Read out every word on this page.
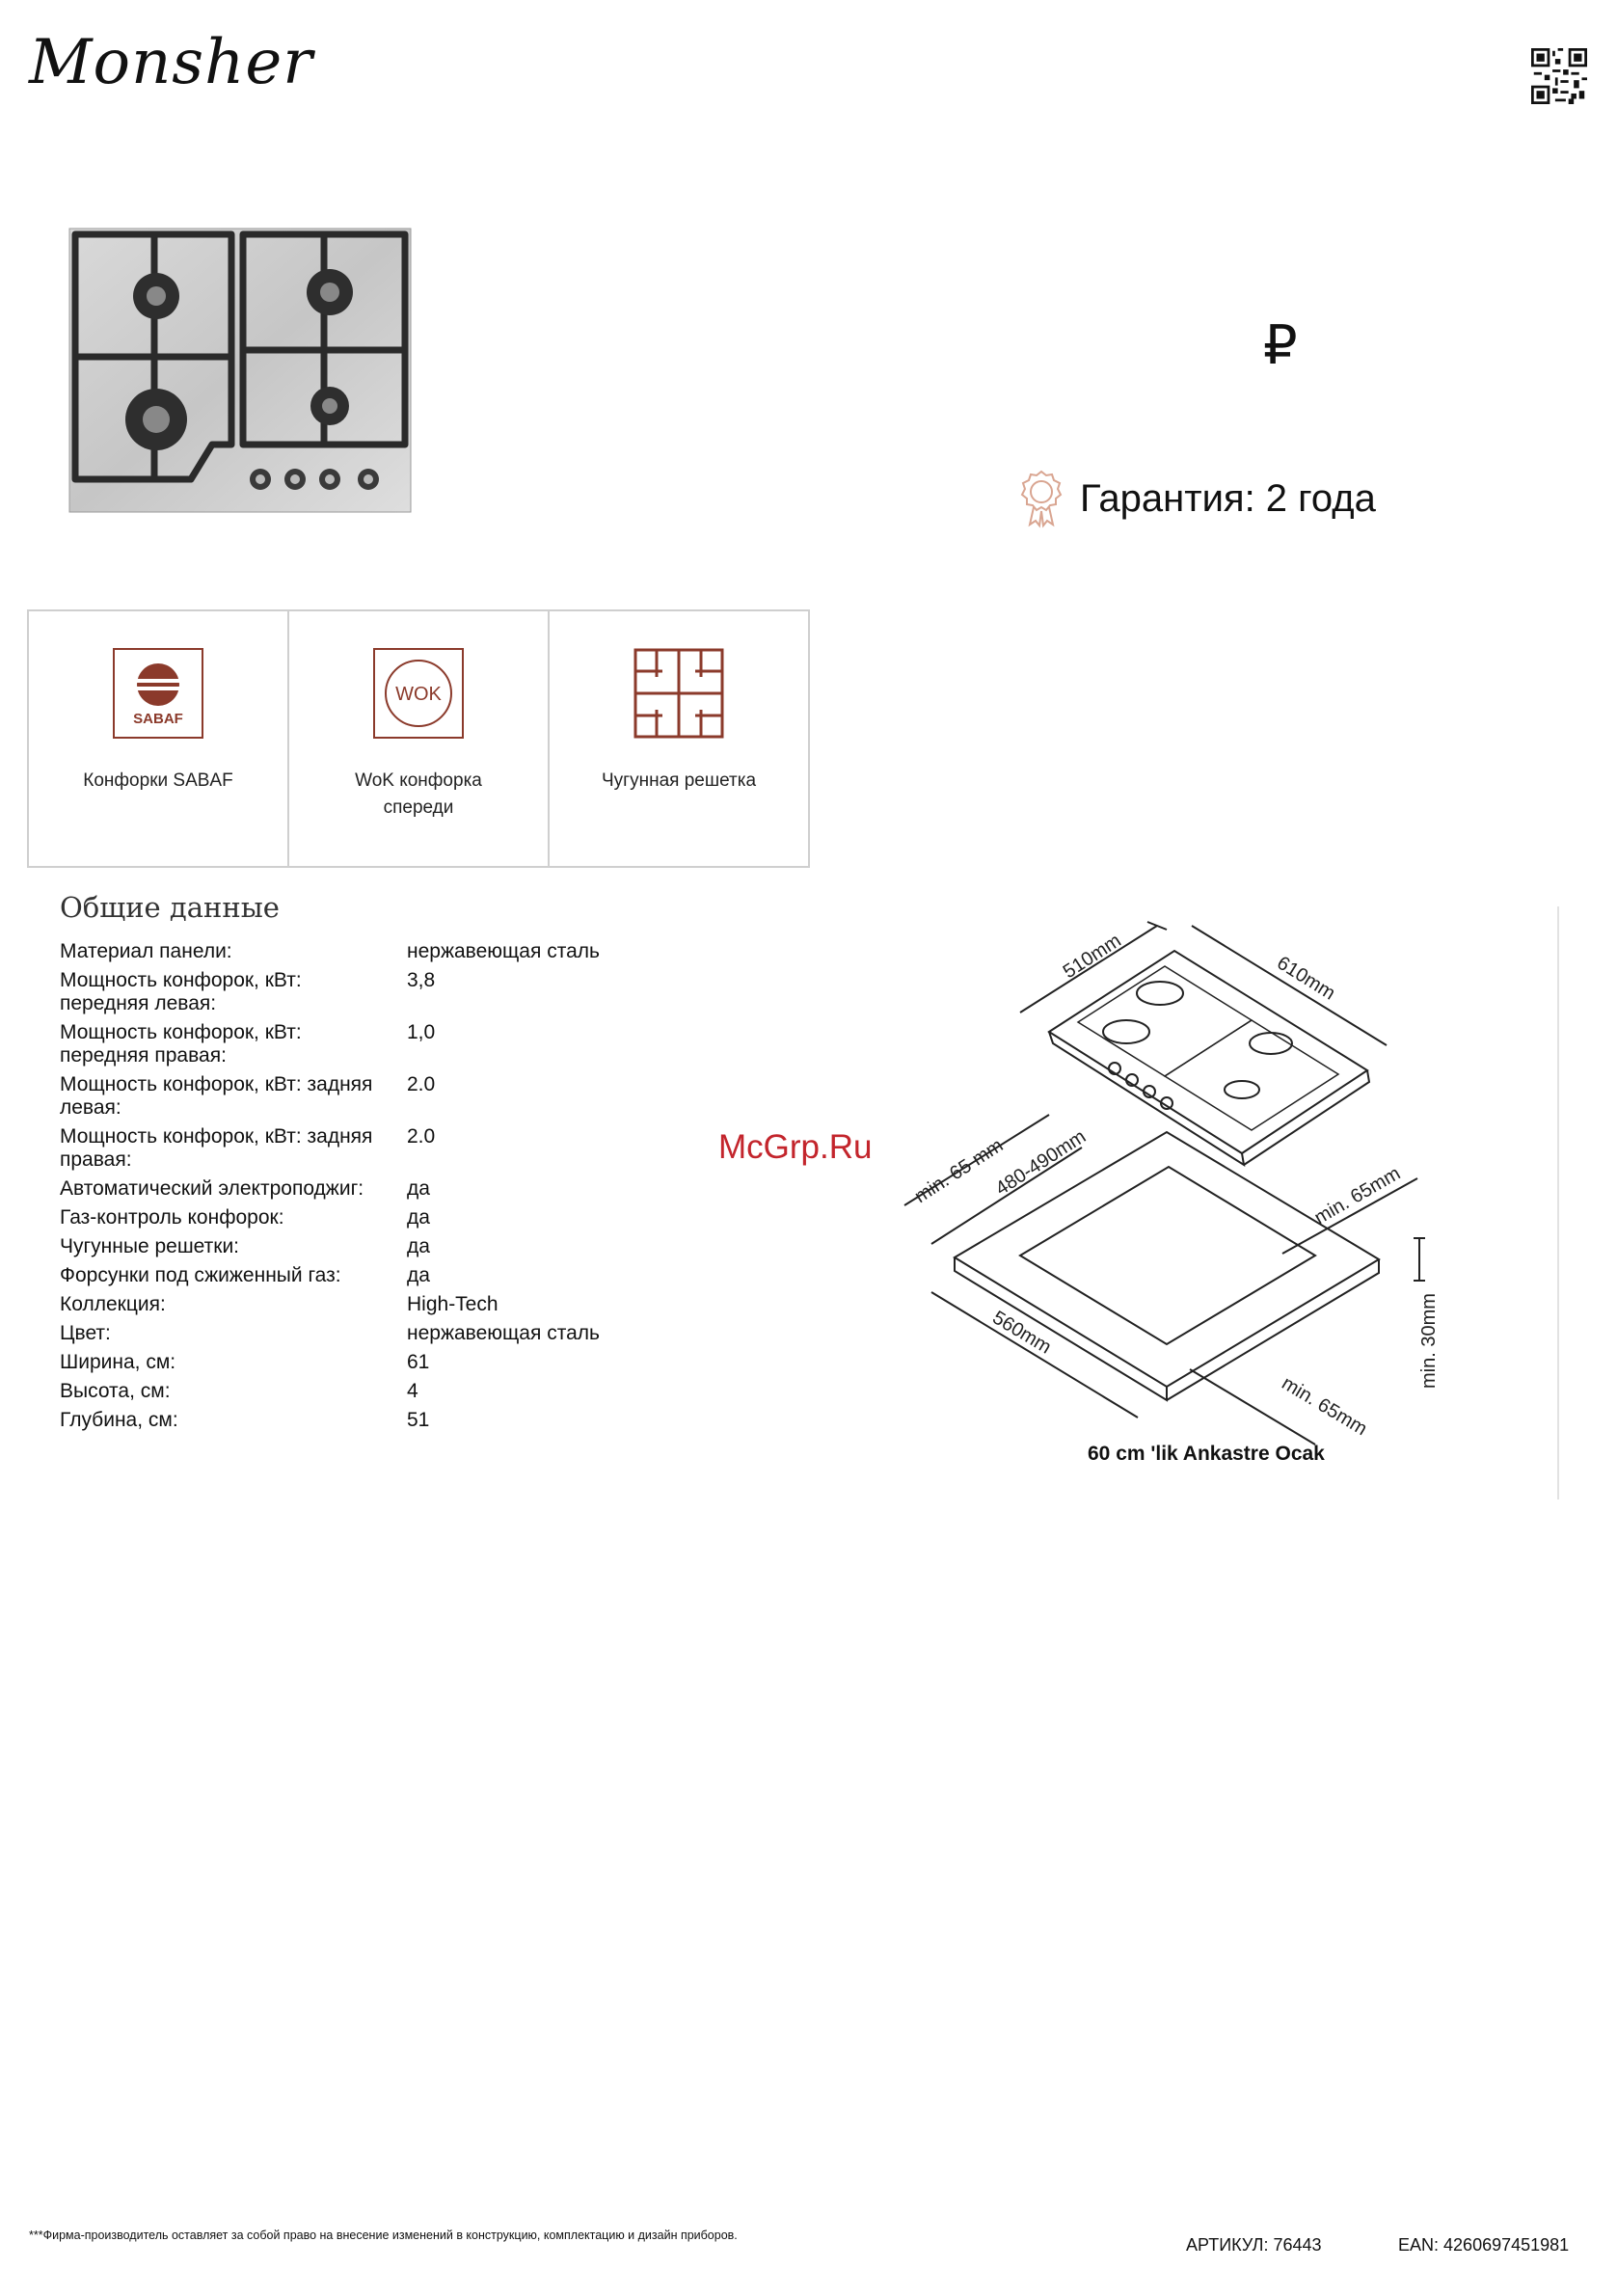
Monsher
₽
Гарантия: 2 года
SABAF
Конфорки SABAF
WOK
WoK конфорка спереди
Чугунная решетка
Общие данные
Материал панели:	нержавеющая сталь
Мощность конфорок, кВт: передняя левая:	3,8
Мощность конфорок, кВт: передняя правая:	1,0
Мощность конфорок, кВт: задняя левая:	2.0
Мощность конфорок, кВт: задняя правая:	2.0
Автоматический электроподжиг:	да
Газ-контроль конфорок:	да
Чугунные решетки:	да
Форсунки под сжиженный газ:	да
Коллекция:	High-Tech
Цвет:	нержавеющая сталь
Ширина, см:	61
Высота, см:	4
Глубина, см:	51
McGrp.Ru
510mm	610mm
min. 65 mm
480-490mm	min. 65mm
560mm
min. 65mm
min. 30mm
60 cm 'lik Ankastre Ocak
***Фирма-производитель оставляет за собой право на внесение изменений в конструкцию, комплектацию и дизайн приборов.	АРТИКУЛ: 76443	EAN: 4260697451981
